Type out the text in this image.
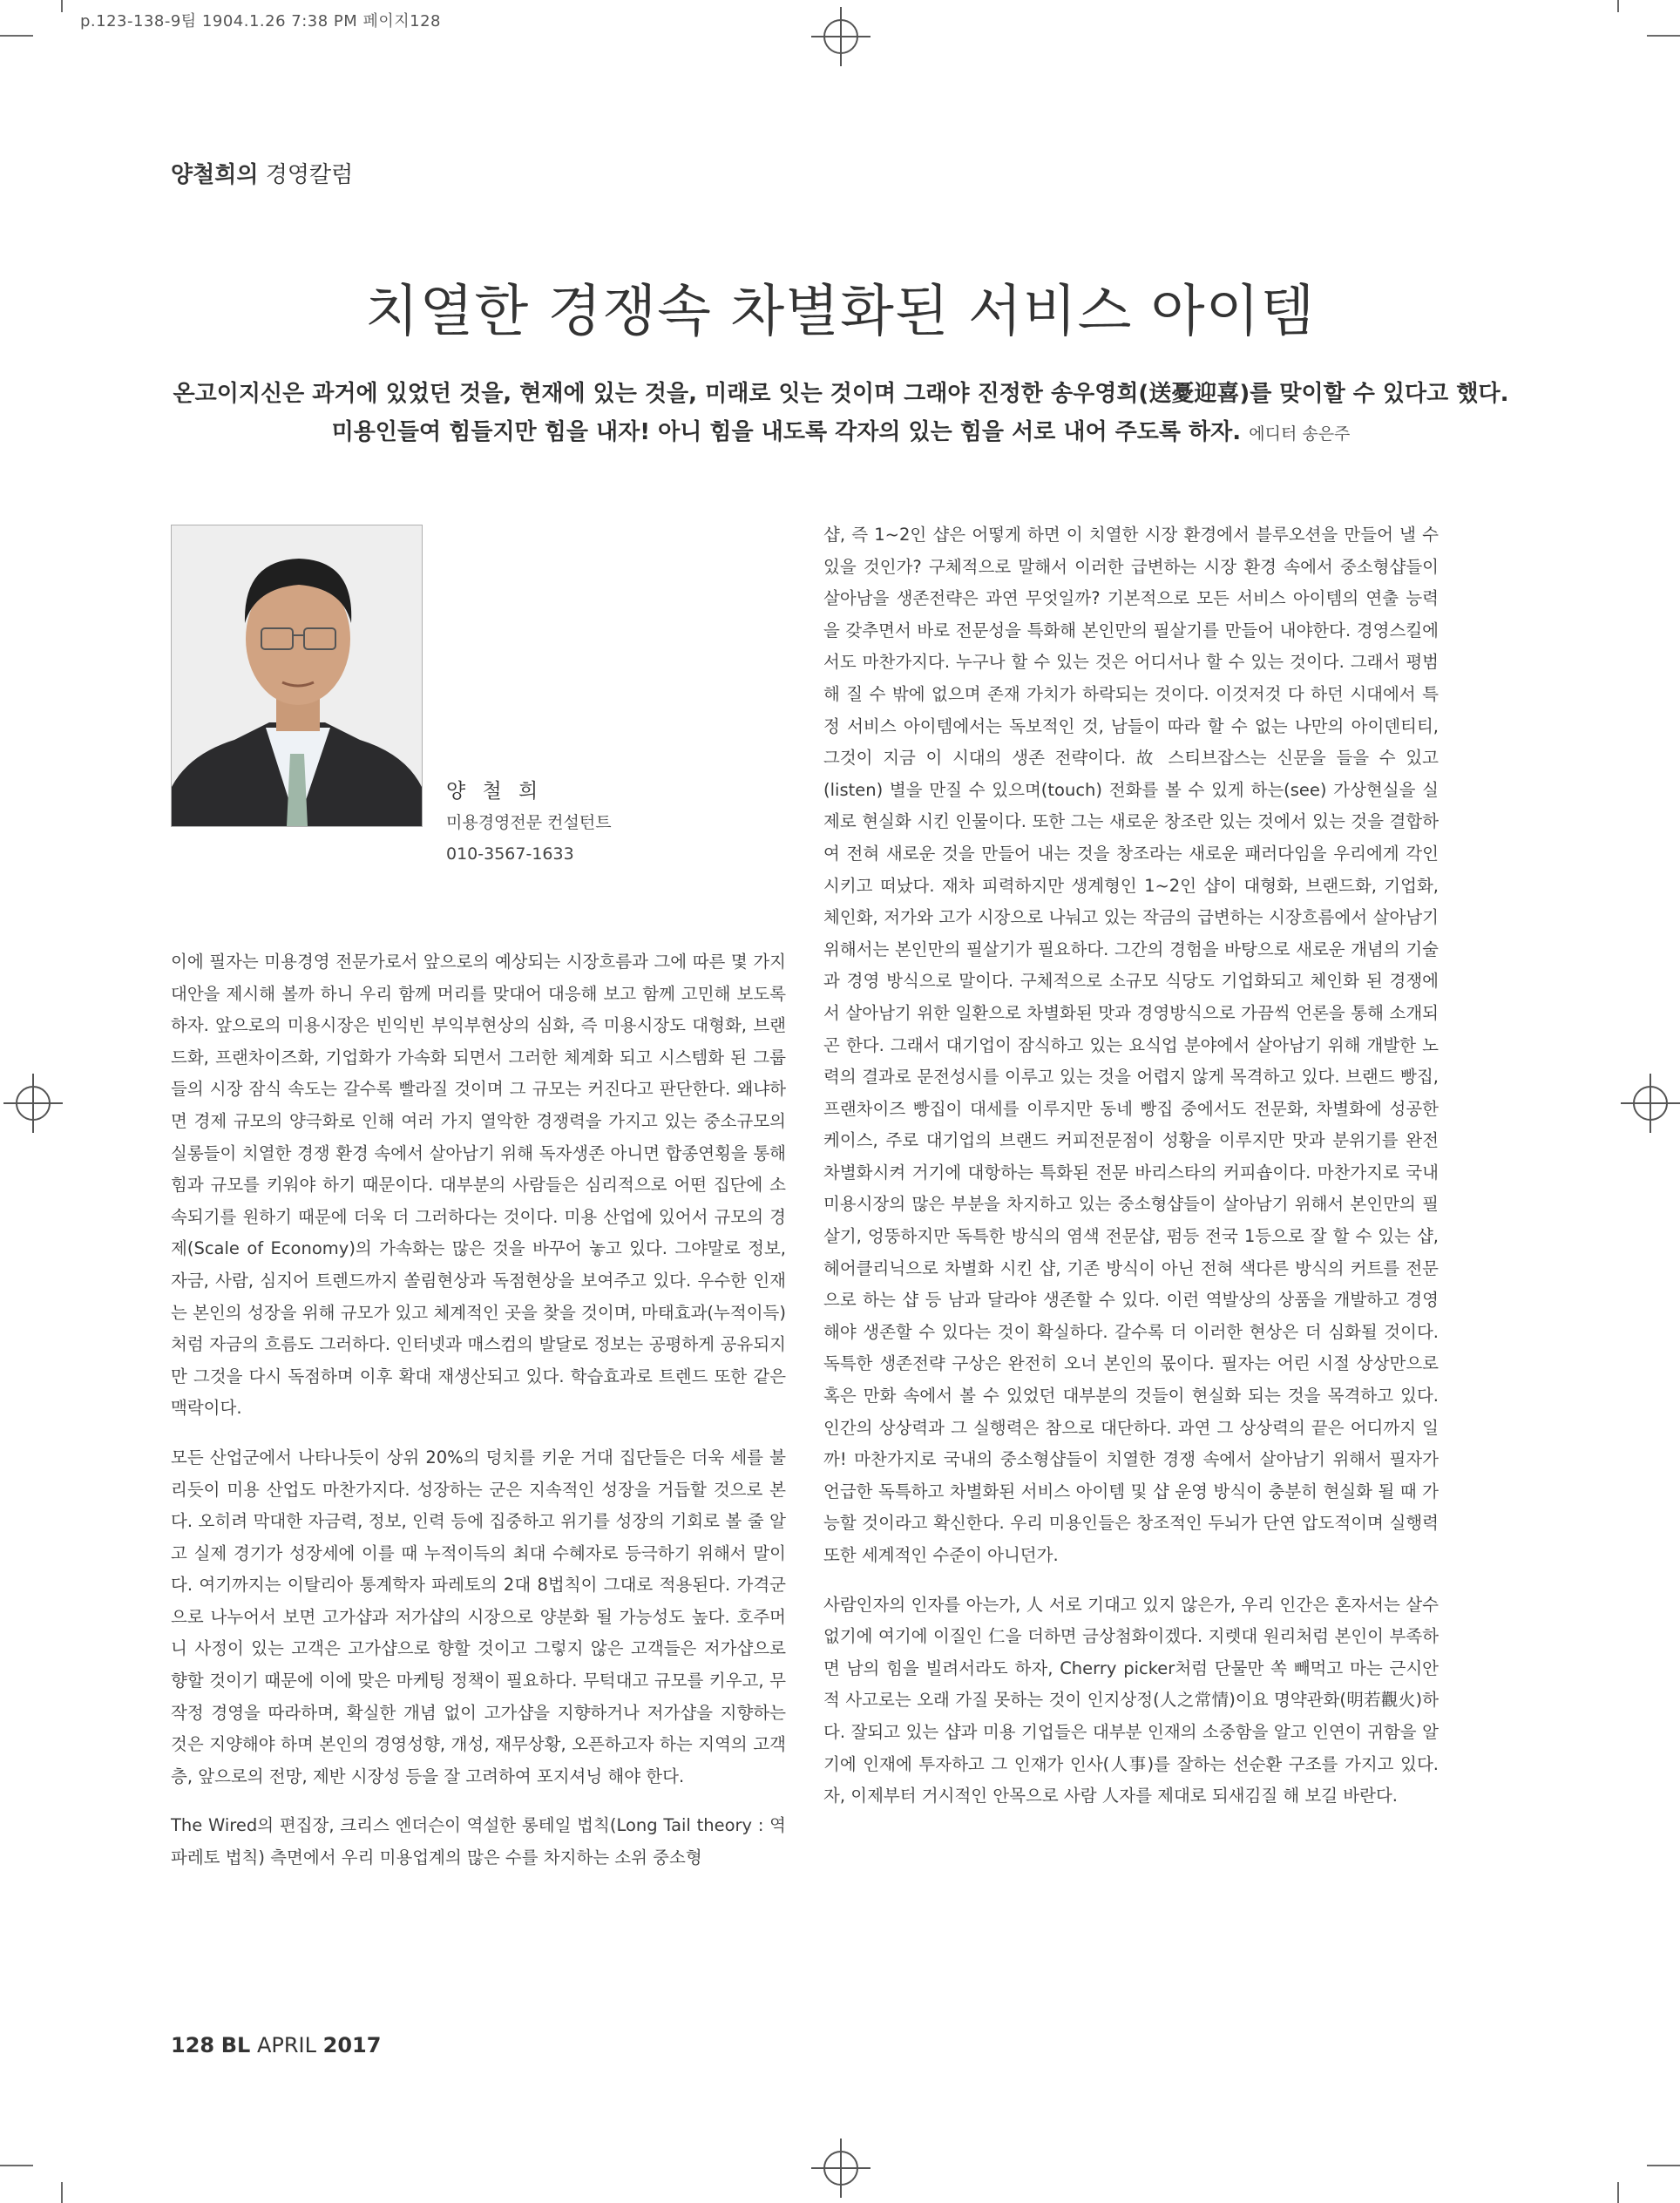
p.123-138-9팀 1904.1.26 7:38 PM 페이지128
양철희의 경영칼럼
치열한 경쟁속 차별화된 서비스 아이템
온고이지신은 과거에 있었던 것을, 현재에 있는 것을, 미래로 잇는 것이며 그래야 진정한 송우영희(送憂迎喜)를 맞이할 수 있다고 했다.
미용인들여 힘들지만 힘을 내자! 아니 힘을 내도록 각자의 있는 힘을 서로 내어 주도록 하자. 에디터 송은주
양 철 희
미용경영전문 컨설턴트
010-3567-1633

이에 필자는 미용경영 전문가로서 앞으로의 예상되는 시장흐름과 그에 따른 몇 가지 대안을 제시해 볼까 하니 우리 함께 머리를 맞대어 대응해 보고 함께 고민해 보도록 하자. 앞으로의 미용시장은 빈익빈 부익부현상의 심화, 즉 미용시장도 대형화, 브랜드화, 프랜차이즈화, 기업화가 가속화 되면서 그러한 체계화 되고 시스템화 된 그룹들의 시장 잠식 속도는 갈수록 빨라질 것이며 그 규모는 커진다고 판단한다. 왜냐하면 경제 규모의 양극화로 인해 여러 가지 열악한 경쟁력을 가지고 있는 중소규모의 실롱들이 치열한 경쟁 환경 속에서 살아남기 위해 독자생존 아니면 합종연횡을 통해 힘과 규모를 키워야 하기 때문이다. 대부분의 사람들은 심리적으로 어떤 집단에 소속되기를 원하기 때문에 더욱 더 그러하다는 것이다. 미용 산업에 있어서 규모의 경제(Scale of Economy)의 가속화는 많은 것을 바꾸어 놓고 있다. 그야말로 정보, 자금, 사람, 심지어 트렌드까지 쏠림현상과 독점현상을 보여주고 있다. 우수한 인재는 본인의 성장을 위해 규모가 있고 체계적인 곳을 찾을 것이며, 마태효과(누적이득)처럼 자금의 흐름도 그러하다. 인터넷과 매스컴의 발달로 정보는 공평하게 공유되지만 그것을 다시 독점하며 이후 확대 재생산되고 있다. 학습효과로 트렌드 또한 같은 맥락이다.

모든 산업군에서 나타나듯이 상위 20%의 덩치를 키운 거대 집단들은 더욱 세를 불리듯이 미용 산업도 마찬가지다. 성장하는 군은 지속적인 성장을 거듭할 것으로 본다. 오히려 막대한 자금력, 정보, 인력 등에 집중하고 위기를 성장의 기회로 볼 줄 알고 실제 경기가 성장세에 이를 때 누적이득의 최대 수혜자로 등극하기 위해서 말이다. 여기까지는 이탈리아 통계학자 파레토의 2대 8법칙이 그대로 적용된다. 가격군으로 나누어서 보면 고가샵과 저가샵의 시장으로 양분화 될 가능성도 높다. 호주머니 사정이 있는 고객은 고가샵으로 향할 것이고 그렇지 않은 고객들은 저가샵으로 향할 것이기 때문에 이에 맞은 마케팅 정책이 필요하다. 무턱대고 규모를 키우고, 무작정 경영을 따라하며, 확실한 개념 없이 고가샵을 지향하거나 저가샵을 지향하는 것은 지양해야 하며 본인의 경영성향, 개성, 재무상황, 오픈하고자 하는 지역의 고객층, 앞으로의 전망, 제반 시장성 등을 잘 고려하여 포지셔닝 해야 한다.

The Wired의 편집장, 크리스 엔더슨이 역설한 롱테일 법칙(Long Tail theory : 역파레토 법칙) 측면에서 우리 미용업계의 많은 수를 차지하는 소위 중소형

샵, 즉 1~2인 샵은 어떻게 하면 이 치열한 시장 환경에서 블루오션을 만들어 낼 수 있을 것인가? 구체적으로 말해서 이러한 급변하는 시장 환경 속에서 중소형샵들이 살아남을 생존전략은 과연 무엇일까? 기본적으로 모든 서비스 아이템의 연출 능력을 갖추면서 바로 전문성을 특화해 본인만의 필살기를 만들어 내야한다. 경영스킬에서도 마찬가지다. 누구나 할 수 있는 것은 어디서나 할 수 있는 것이다. 그래서 평범해 질 수 밖에 없으며 존재 가치가 하락되는 것이다. 이것저것 다 하던 시대에서 특정 서비스 아이템에서는 독보적인 것, 남들이 따라 할 수 없는 나만의 아이덴티티, 그것이 지금 이 시대의 생존 전략이다. 故 스티브잡스는 신문을 들을 수 있고(listen) 별을 만질 수 있으며(touch) 전화를 볼 수 있게 하는(see) 가상현실을 실제로 현실화 시킨 인물이다. 또한 그는 새로운 창조란 있는 것에서 있는 것을 결합하여 전혀 새로운 것을 만들어 내는 것을 창조라는 새로운 패러다임을 우리에게 각인시키고 떠났다. 재차 피력하지만 생계형인 1~2인 샵이 대형화, 브랜드화, 기업화, 체인화, 저가와 고가 시장으로 나눠고 있는 작금의 급변하는 시장흐름에서 살아남기 위해서는 본인만의 필살기가 필요하다. 그간의 경험을 바탕으로 새로운 개념의 기술과 경영 방식으로 말이다. 구체적으로 소규모 식당도 기업화되고 체인화 된 경쟁에서 살아남기 위한 일환으로 차별화된 맛과 경영방식으로 가끔씩 언론을 통해 소개되곤 한다. 그래서 대기업이 잠식하고 있는 요식업 분야에서 살아남기 위해 개발한 노력의 결과로 문전성시를 이루고 있는 것을 어렵지 않게 목격하고 있다. 브랜드 빵집, 프랜차이즈 빵집이 대세를 이루지만 동네 빵집 중에서도 전문화, 차별화에 성공한 케이스, 주로 대기업의 브랜드 커피전문점이 성황을 이루지만 맛과 분위기를 완전 차별화시켜 거기에 대항하는 특화된 전문 바리스타의 커피숍이다. 마찬가지로 국내 미용시장의 많은 부분을 차지하고 있는 중소형샵들이 살아남기 위해서 본인만의 필살기, 엉뚱하지만 독특한 방식의 염색 전문샵, 펌등 전국 1등으로 잘 할 수 있는 샵, 헤어클리닉으로 차별화 시킨 샵, 기존 방식이 아닌 전혀 색다른 방식의 커트를 전문으로 하는 샵 등 남과 달라야 생존할 수 있다. 이런 역발상의 상품을 개발하고 경영해야 생존할 수 있다는 것이 확실하다. 갈수록 더 이러한 현상은 더 심화될 것이다. 독특한 생존전략 구상은 완전히 오너 본인의 몫이다. 필자는 어린 시절 상상만으로 혹은 만화 속에서 볼 수 있었던 대부분의 것들이 현실화 되는 것을 목격하고 있다. 인간의 상상력과 그 실행력은 참으로 대단하다. 과연 그 상상력의 끝은 어디까지 일까! 마찬가지로 국내의 중소형샵들이 치열한 경쟁 속에서 살아남기 위해서 필자가 언급한 독특하고 차별화된 서비스 아이템 및 샵 운영 방식이 충분히 현실화 될 때 가능할 것이라고 확신한다. 우리 미용인들은 창조적인 두뇌가 단연 압도적이며 실행력 또한 세계적인 수준이 아니던가.

사람인자의 인자를 아는가, 人 서로 기대고 있지 않은가, 우리 인간은 혼자서는 살수 없기에 여기에 이질인 仁을 더하면 금상첨화이겠다. 지렛대 원리처럼 본인이 부족하면 남의 힘을 빌려서라도 하자, Cherry picker처럼 단물만 쏙 빼먹고 마는 근시안적 사고로는 오래 가질 못하는 것이 인지상정(人之常情)이요 명약관화(明若觀火)하다. 잘되고 있는 샵과 미용 기업들은 대부분 인재의 소중함을 알고 인연이 귀함을 알기에 인재에 투자하고 그 인재가 인사(人事)를 잘하는 선순환 구조를 가지고 있다. 자, 이제부터 거시적인 안목으로 사람 人자를 제대로 되새김질 해 보길 바란다.

128 BL APRIL 2017
